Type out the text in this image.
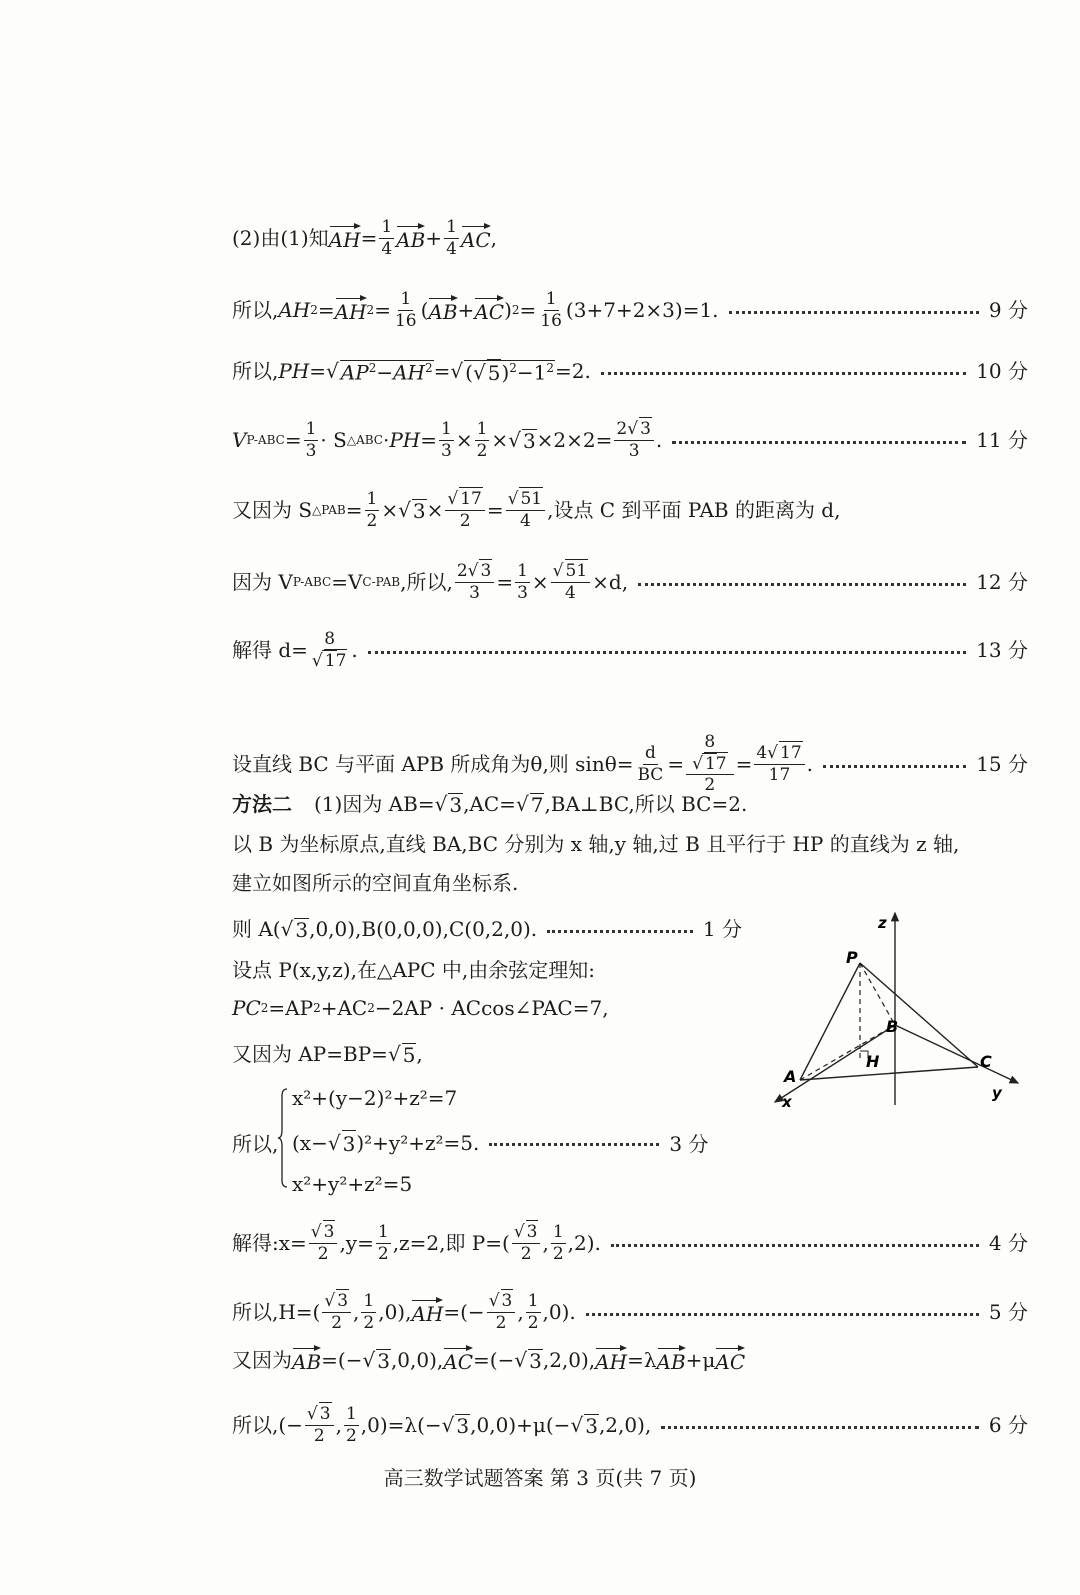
(2)由(1)知 AH = $\frac{1}{4}$ AB + $\frac{1}{4}$ AC ,
所以, AH 2 = AH $2 = \frac{1}{16}$ ( AB + AC ) $2 = \frac{1}{16} (3+7+2\times 3)=1$.	9 分
所以, PH = √ $AP^2-AH^2$ = √ (√ $5)^2-1^2 =2$.	10 分
V $P-ABC = \frac{1}{3} \cdot S$ △ABC · PH = $\frac{1}{3} \times \frac{1}{2}$ × √ $3 \times 2\times 2= \frac{2√ 3}{3}$ .	11 分
又因为 S △PAB = $\frac{1}{2}$ × √ $3 \times \frac{√ 17}{2} = \frac{√ 51}{4}$ ,设点 C 到平面 PAB 的距离为 d,
因为 V P-ABC =V C-PAB ,所以, $\frac{2√ 3}{3} = \frac{1}{3} \times \frac{√ 51}{4} \times d$,	12 分
解得 $d= \frac{8}{√ 17}$ .	13 分
设直线 BC 与平面 APB 所成角为θ,则 $\sin\theta= \frac{d}{BC} = \frac{\frac{8}{√ 17}}{2} = \frac{4√ 17}{17}$ .	15 分
方法二 (1)因为 AB= √ 3 ,AC= √ 7 ,BA⊥BC,所以 BC=2.
以 B 为坐标原点,直线 BA,BC 分别为 x 轴,y 轴,过 B 且平行于 HP 的直线为 z 轴,
建立如图所示的空间直角坐标系.
则 A( √ 3 ,0,0),B(0,0,0),C(0,2,0).	1 分
设点 P(x,y,z),在△APC 中,由余弦定理知:
PC 2 =AP 2 +AC 2 −2AP · ACcos∠PAC=7,
又因为 AP=BP= √ 5 ,
所以,
x²+(y−2)²+z²=7
(x− √ 3 )²+y²+z²=5.	3 分
x²+y²+z²=5
解得:x= $\frac{√ 3}{2} ,y= \frac{1}{2} ,z=2$,即 $P=( \frac{√ 3}{2}$ , $\frac{1}{2} ,2$).	4 分
所以$,H=( \frac{√ 3}{2}$ , $\frac{1}{2} ,0$), AH =(− $\frac{√ 3}{2}$ , $\frac{1}{2} ,0$).	5 分
又因为 AB =(− √ 3 ,0,0), AC =(− √ 3 ,2,0), AH =λ AB +μ AC
所以,(− $\frac{√ 3}{2}$ , $\frac{1}{2} ,0)=\lambda(-$ √ 3 ,0,0)+μ(− √ 3 ,2,0),	6 分
z
P
B
H
A
C
x	y
高三数学试题答案 第 3 页(共 7 页)
